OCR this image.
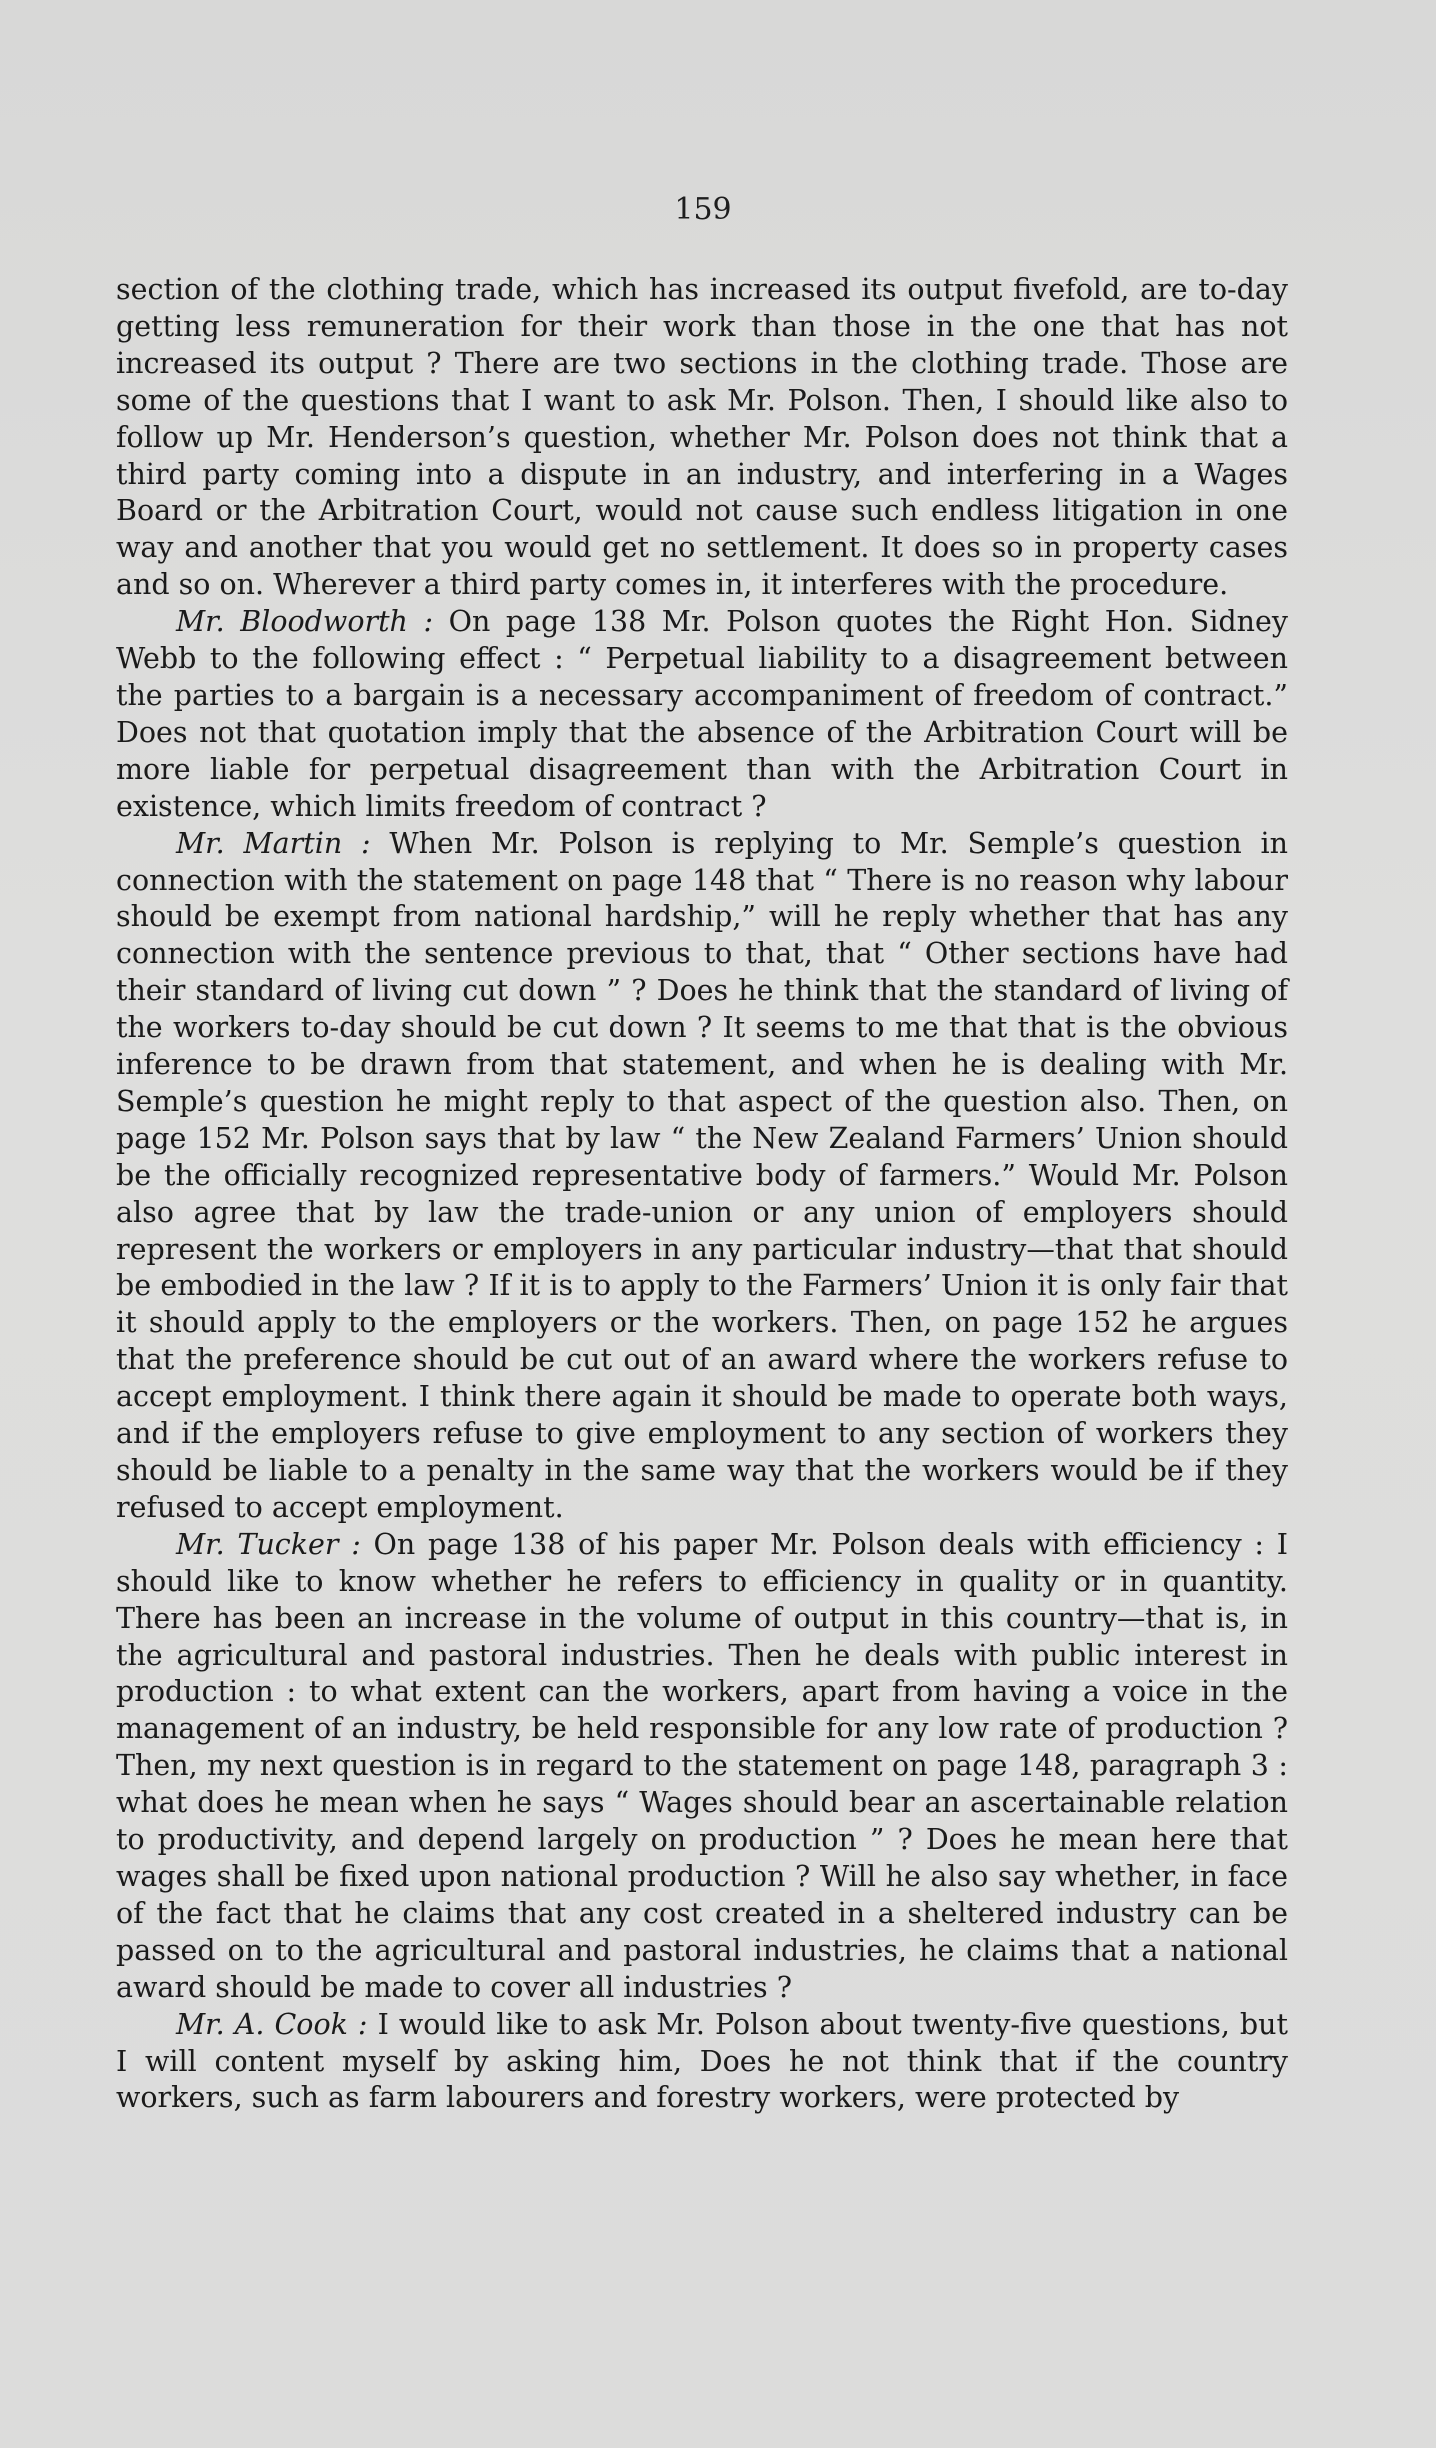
159

section of the clothing trade, which has increased its output fivefold, are to-day getting less remuneration for their work than those in the one that has not increased its output ? There are two sections in the clothing trade. Those are some of the questions that I want to ask Mr. Polson. Then, I should like also to follow up Mr. Henderson’s question, whether Mr. Polson does not think that a third party coming into a dispute in an industry, and interfering in a Wages Board or the Arbitration Court, would not cause such endless litigation in one way and another that you would get no settlement. It does so in property cases and so on. Wherever a third party comes in, it interferes with the procedure.

Mr. Bloodworth : On page 138 Mr. Polson quotes the Right Hon. Sidney Webb to the following effect : “ Perpetual liability to a disagreement between the parties to a bargain is a necessary accompaniment of freedom of contract.” Does not that quotation imply that the absence of the Arbitration Court will be more liable for perpetual disagreement than with the Arbitration Court in existence, which limits freedom of contract ?

Mr. Martin : When Mr. Polson is replying to Mr. Semple’s question in connection with the statement on page 148 that “ There is no reason why labour should be exempt from national hardship,” will he reply whether that has any connection with the sentence previous to that, that “ Other sections have had their standard of living cut down ” ? Does he think that the standard of living of the workers to-day should be cut down ? It seems to me that that is the obvious inference to be drawn from that statement, and when he is dealing with Mr. Semple’s question he might reply to that aspect of the question also. Then, on page 152 Mr. Polson says that by law “ the New Zealand Farmers’ Union should be the officially recognized representative body of farmers.” Would Mr. Polson also agree that by law the trade-union or any union of employers should represent the workers or employers in any particular industry—that that should be embodied in the law ? If it is to apply to the Farmers’ Union it is only fair that it should apply to the employers or the workers. Then, on page 152 he argues that the preference should be cut out of an award where the workers refuse to accept employment. I think there again it should be made to operate both ways, and if the employers refuse to give employment to any section of workers they should be liable to a penalty in the same way that the workers would be if they refused to accept employment.

Mr. Tucker : On page 138 of his paper Mr. Polson deals with efficiency : I should like to know whether he refers to efficiency in quality or in quantity. There has been an increase in the volume of output in this country—that is, in the agricultural and pastoral industries. Then he deals with public interest in production : to what extent can the workers, apart from having a voice in the management of an industry, be held responsible for any low rate of production ? Then, my next question is in regard to the statement on page 148, paragraph 3 : what does he mean when he says “ Wages should bear an ascertainable relation to productivity, and depend largely on production ” ? Does he mean here that wages shall be fixed upon national production ? Will he also say whether, in face of the fact that he claims that any cost created in a sheltered industry can be passed on to the agricultural and pastoral industries, he claims that a national award should be made to cover all industries ?

Mr. A. Cook : I would like to ask Mr. Polson about twenty-five questions, but I will content myself by asking him, Does he not think that if the country workers, such as farm labourers and forestry workers, were protected by
